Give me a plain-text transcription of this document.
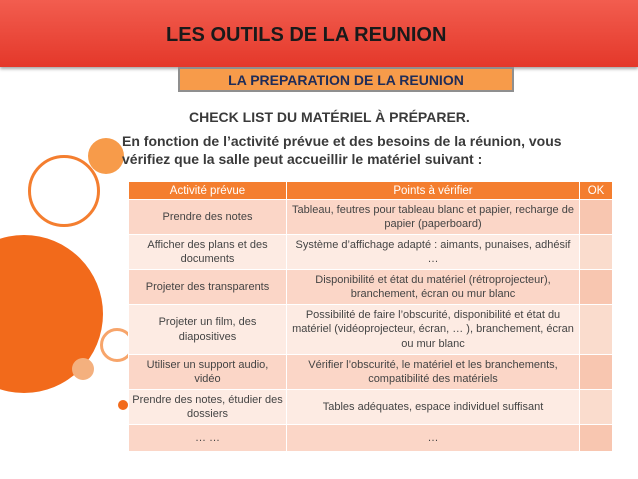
LES OUTILS DE LA REUNION
LA PREPARATION DE LA REUNION
CHECK LIST DU MATÉRIEL À PRÉPARER.
En fonction de l’activité prévue et des besoins de la réunion, vous
vérifiez que la salle peut accueillir le matériel suivant :
Activité prévue	Points à vérifier	OK
Prendre des notes	Tableau, feutres pour tableau blanc et papier, recharge de papier (paperboard)	
Afficher des plans et des documents	Système d’affichage adapté : aimants, punaises, adhésif …	
Projeter des transparents	Disponibilité et état du matériel (rétroprojecteur), branchement, écran ou mur blanc	
Projeter un film, des diapositives	Possibilité de faire l’obscurité, disponibilité et état du matériel (vidéoprojecteur, écran, … ), branchement, écran ou mur blanc	
Utiliser un support audio, vidéo	Vérifier l’obscurité, le matériel et les branchements, compatibilité des matériels	
Prendre des notes, étudier des dossiers	Tables adéquates, espace individuel suffisant	
… …	…	
